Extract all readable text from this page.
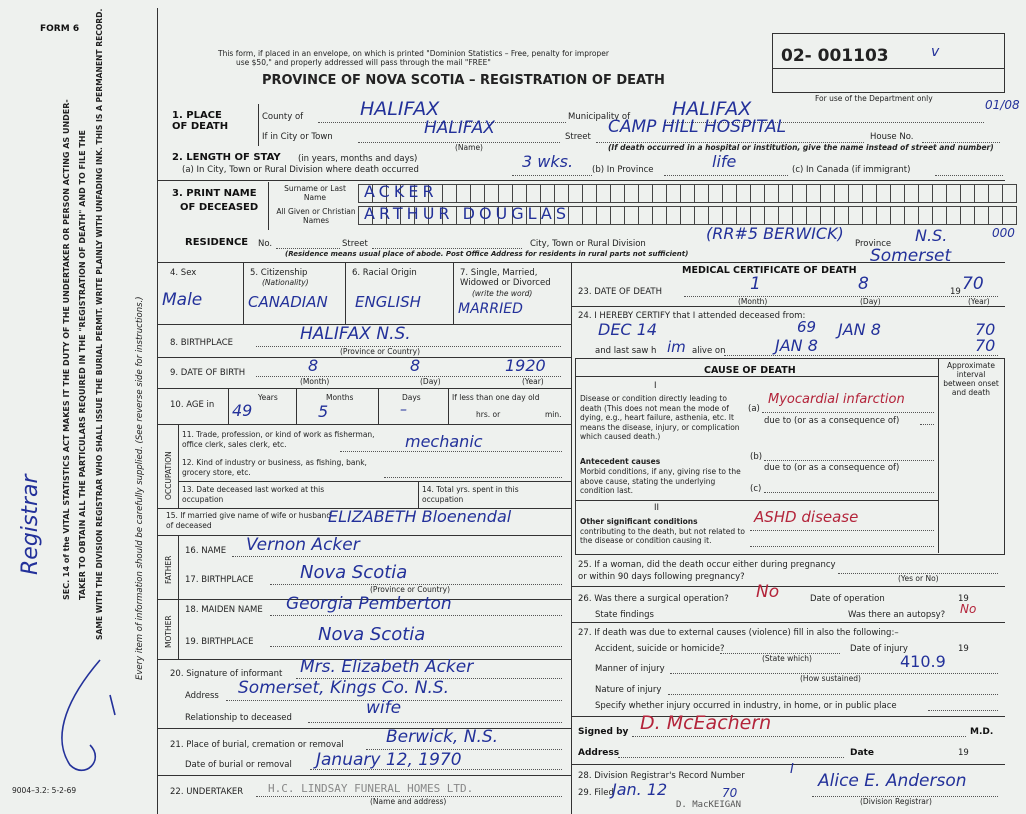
FORM 6
SEC. 14 of the VITAL STATISTICS ACT MAKES IT THE DUTY OF THE UNDERTAKER OR PERSON ACTING AS UNDER- TAKER TO OBTAIN ALL THE PARTICULARS REQUIRED IN THE "REGISTRATION OF DEATH" AND TO FILE THE SAME WITH THE DIVISION REGISTRAR WHO SHALL ISSUE THE BURIAL PERMIT. WRITE PLAINLY WITH UNFADING INK. THIS IS A PERMANENT RECORD.	Every item of information should be carefully supplied. (See reverse side for instructions.)
Registrar
9004–3.2: 5-2-69
This form, if placed in an envelope, on which is printed "Dominion Statistics – Free, penalty for improper
use $50," and properly addressed will pass through the mail "FREE"
PROVINCE OF NOVA SCOTIA – REGISTRATION OF DEATH
02- 001103	v
For use of the Department only	01/08
1. PLACE OF DEATH
County of	HALIFAX	Municipality of HALIFAX
If in City or Town	HALIFAX
(Name)
Street CAMP HILL HOSPITAL	House No.
(If death occurred in a hospital or institution, give the name instead of street and number)
2. LENGTH OF STAY (in years, months and days)
(a) In City, Town or Rural Division where death occurred	3 wks. (b) In Province	life	(c) In Canada (if immigrant)
3. PRINT NAME
OF DECEASED
Surname or Last Name
All Given or Christian Names
ACKER
ARTHUR DOUGLAS
RESIDENCE No.	Street	City, Town or Rural Division
(RR#5 BERWICK)
Province N.S.
Somerset
000
(Residence means usual place of abode. Post Office Address for residents in rural parts not sufficient)
4. Sex
Male
5. Citizenship
(Nationality)
CANADIAN
6. Racial Origin
ENGLISH
7. Single, Married, Widowed or Divorced
(write the word)
MARRIED
8. BIRTHPLACE	HALIFAX N.S.
(Province or Country)
9. DATE OF BIRTH	8	8	1920
(Month)	(Day)	(Year)
10. AGE in
Years
49
Months
5
Days
–
If less than one day old
hrs. or	min.
OCCUPATION
11. Trade, profession, or kind of work as fisherman, office clerk, sales clerk, etc.	mechanic
12. Kind of industry or business, as fishing, bank, grocery store, etc.
13. Date deceased last worked at this occupation
14. Total yrs. spent in this occupation
15. If married give name of wife or husband of deceased	ELIZABETH Bloenendal
FATHER
16. NAME Vernon Acker
17. BIRTHPLACE	Nova Scotia
(Province or Country)
MOTHER
18. MAIDEN NAME Georgia Pemberton
19. BIRTHPLACE	Nova Scotia
20. Signature of informant Mrs. Elizabeth Acker
Address Somerset, Kings Co. N.S.
Relationship to deceased	wife
21. Place of burial, cremation or removal Berwick, N.S.
Date of burial or removal January 12, 1970
22. UNDERTAKER H.C. LINDSAY FUNERAL HOMES LTD.
(Name and address)
MEDICAL CERTIFICATE OF DEATH
23. DATE OF DEATH	1	8	19 70
(Month)	(Day)	(Year)
24. I HEREBY CERTIFY that I attended deceased from:
DEC 14	69 JAN 8	70
and last saw h im alive on	JAN 8	70
CAUSE OF DEATH	Approximate interval between onset and death
I
Disease or condition directly leading to death (This does not mean the mode of dying, e.g., heart failure, asthenia, etc. It means the disease, injury, or complication which caused death.)
(a)
Myocardial infarction
due to (or as a consequence of)
Antecedent causes
Morbid conditions, if any, giving rise to the above cause, stating the underlying condition last.
(b)
due to (or as a consequence of)
(c)
II
Other significant conditions
contributing to the death, but not related to the disease or condition causing it.
ASHD disease
25. If a woman, did the death occur either during pregnancy or within 90 days following pregnancy?	(Yes or No)
26. Was there a surgical operation? No	Date of operation	19
State findings	Was there an autopsy? No
27. If death was due to external causes (violence) fill in also the following:–
Accident, suicide or homicide?	Date of injury	19
(State which)
Manner of injury	410.9
(How sustained)
Nature of injury
Specify whether injury occurred in industry, in home, or in public place
Signed by D. McEachern	M.D.
Address	Date	19
28. Division Registrar's Record Number	I
Alice E. Anderson
29. Filed
Jan. 12	70
(Division Registrar)
D. MacKEIGAN
